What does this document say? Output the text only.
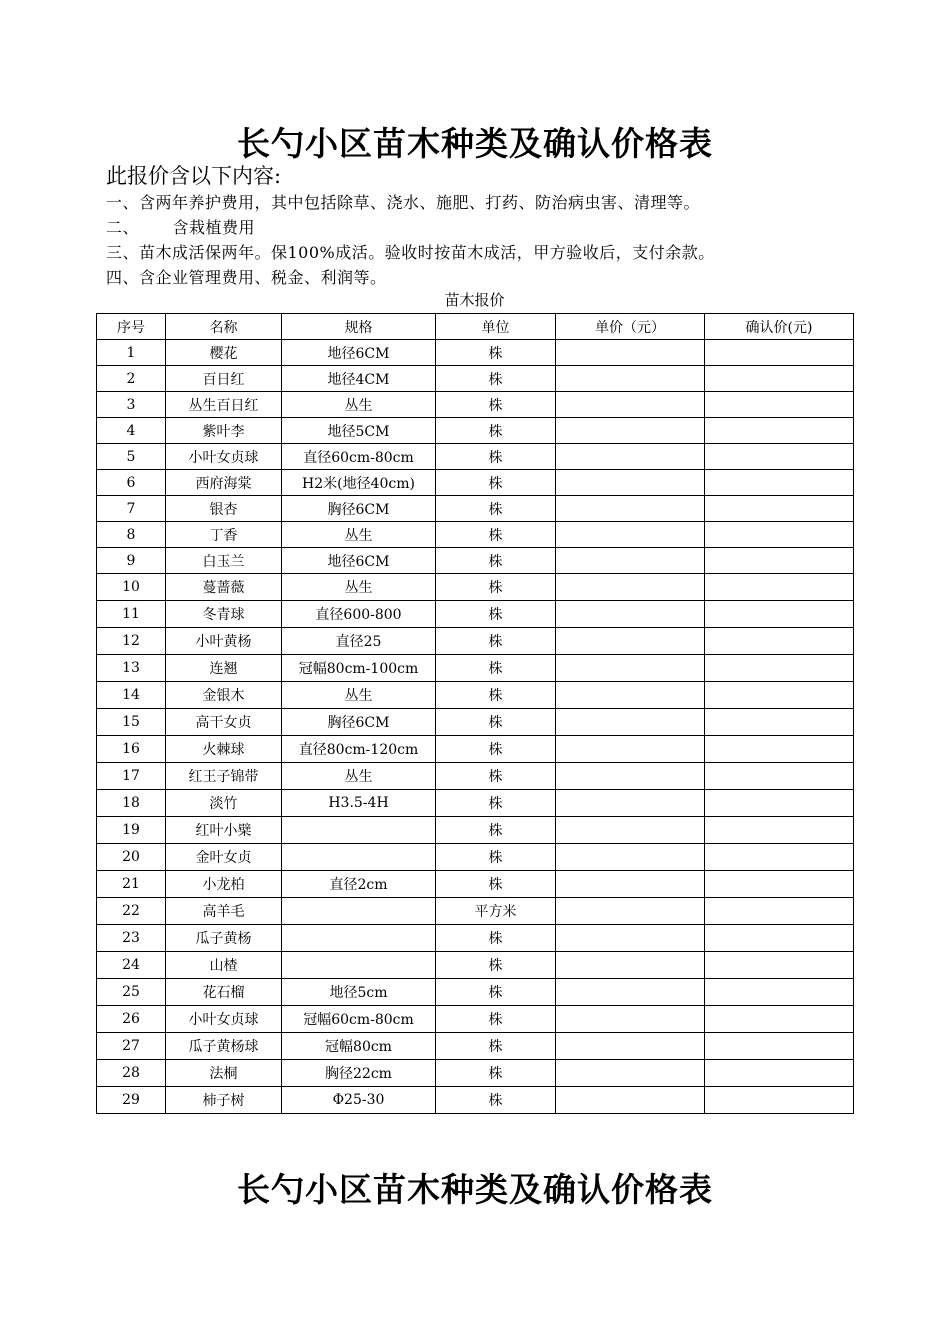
长勺小区苗木种类及确认价格表
此报价含以下内容:
一、含两年养护费用，其中包括除草、浇水、施肥、打药、防治病虫害、清理等。
二、      含栽植费用
三、苗木成活保两年。保100%成活。验收时按苗木成活，甲方验收后，支付余款。
四、含企业管理费用、税金、利润等。
苗木报价
序号	名称	规格	单位	单价（元）	确认价(元)
1	樱花	地径6CM	株		
2	百日红	地径4CM	株		
3	丛生百日红	丛生	株		
4	紫叶李	地径5CM	株		
5	小叶女贞球	直径60cm-80cm	株		
6	西府海棠	H2米(地径40cm)	株		
7	银杏	胸径6CM	株		
8	丁香	丛生	株		
9	白玉兰	地径6CM	株		
10	蔓蔷薇	丛生	株		
11	冬青球	直径600-800	株		
12	小叶黄杨	直径25	株		
13	连翘	冠幅80cm-100cm	株		
14	金银木	丛生	株		
15	高干女贞	胸径6CM	株		
16	火棘球	直径80cm-120cm	株		
17	红王子锦带	丛生	株		
18	淡竹	H3.5-4H	株		
19	红叶小檗		株		
20	金叶女贞		株		
21	小龙柏	直径2cm	株		
22	高羊毛		平方米		
23	瓜子黄杨		株		
24	山楂		株		
25	花石榴	地径5cm	株		
26	小叶女贞球	冠幅60cm-80cm	株		
27	瓜子黄杨球	冠幅80cm	株		
28	法桐	胸径22cm	株		
29	柿子树	Φ25-30	株		
长勺小区苗木种类及确认价格表
